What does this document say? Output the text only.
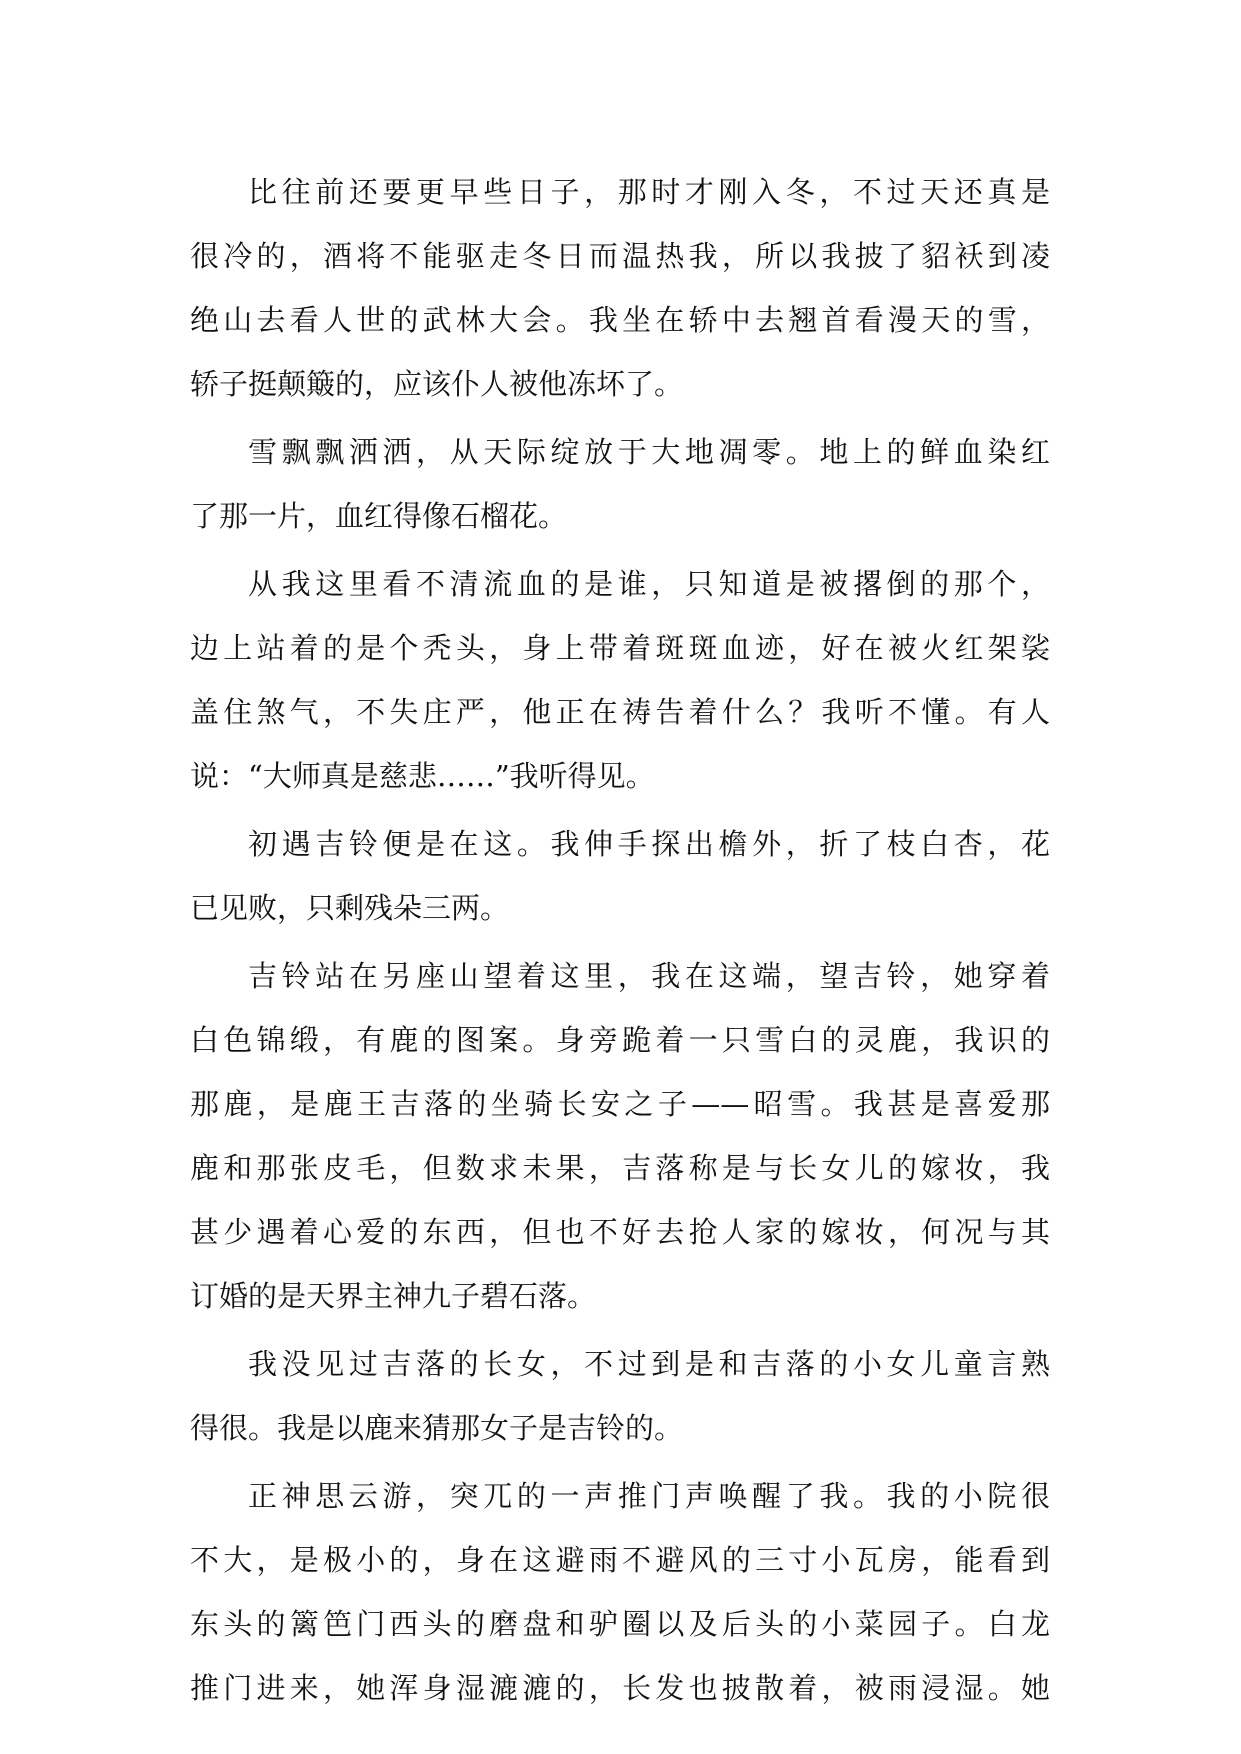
比往前还要更早些日子，那时才刚入冬，不过天还真是
很冷的，酒将不能驱走冬日而温热我，所以我披了貂袄到凌
绝山去看人世的武林大会。我坐在轿中去翘首看漫天的雪，
轿子挺颠簸的，应该仆人被他冻坏了。
雪飘飘洒洒，从天际绽放于大地凋零。地上的鲜血染红
了那一片，血红得像石榴花。
从我这里看不清流血的是谁，只知道是被撂倒的那个，
边上站着的是个秃头，身上带着斑斑血迹，好在被火红架裟
盖住煞气，不失庄严，他正在祷告着什么？我听不懂。有人
说：“大师真是慈悲……”我听得见。
初遇吉铃便是在这。我伸手探出檐外，折了枝白杏，花
已见败，只剩残朵三两。
吉铃站在另座山望着这里，我在这端，望吉铃，她穿着
白色锦缎，有鹿的图案。身旁跪着一只雪白的灵鹿，我识的
那鹿，是鹿王吉落的坐骑长安之子——昭雪。我甚是喜爱那
鹿和那张皮毛，但数求未果，吉落称是与长女儿的嫁妆，我
甚少遇着心爱的东西，但也不好去抢人家的嫁妆，何况与其
订婚的是天界主神九子碧石落。
我没见过吉落的长女，不过到是和吉落的小女儿童言熟
得很。我是以鹿来猜那女子是吉铃的。
正神思云游，突兀的一声推门声唤醒了我。我的小院很
不大，是极小的，身在这避雨不避风的三寸小瓦房，能看到
东头的篱笆门西头的磨盘和驴圈以及后头的小菜园子。白龙
推门进来，她浑身湿漉漉的，长发也披散着，被雨浸湿。她
